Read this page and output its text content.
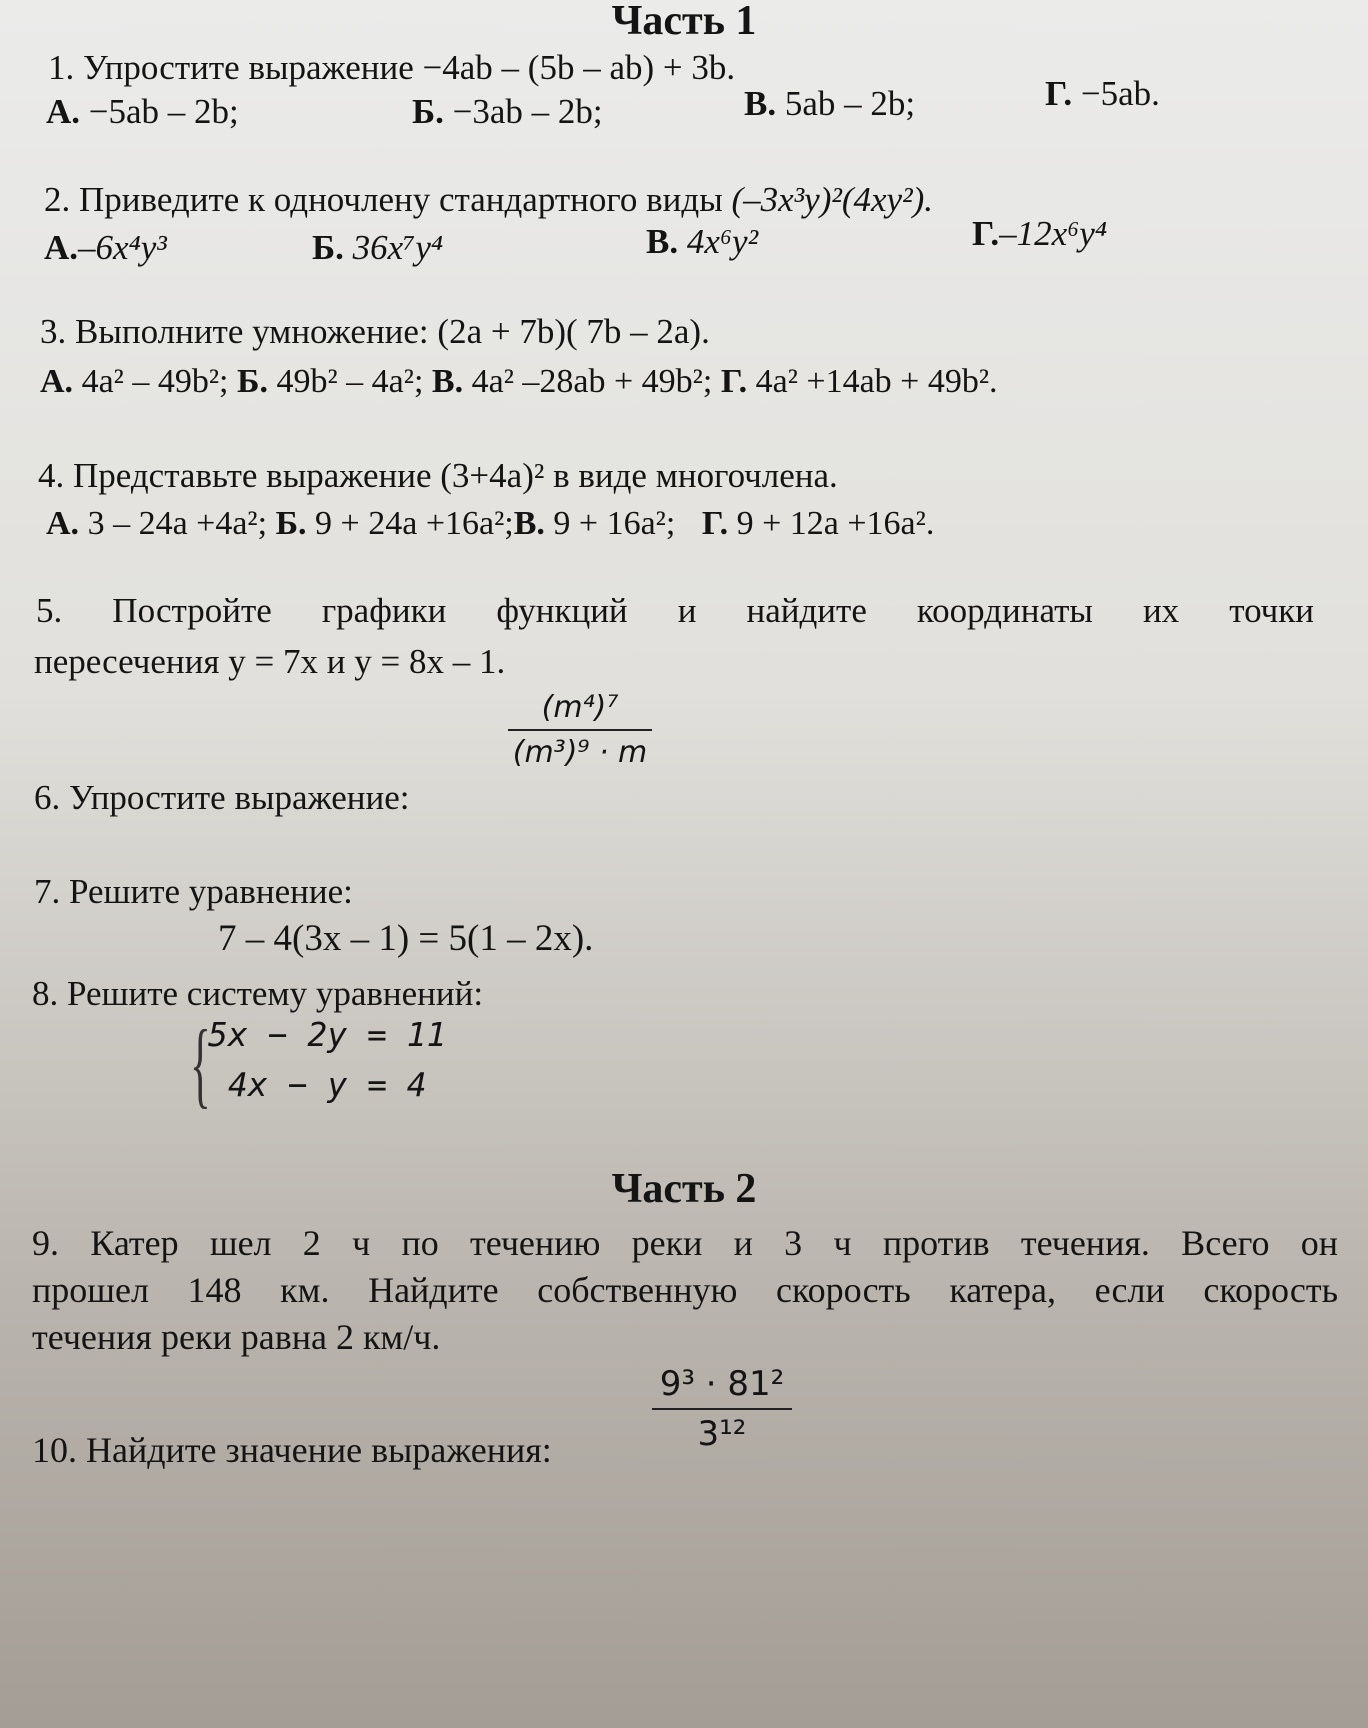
Часть 1
1. Упростите выражение −4ab – (5b – ab) + 3b.
А. −5ab – 2b;	Б. −3ab – 2b;	В. 5ab – 2b;	Г. −5ab.
2. Приведите к одночлену стандартного виды (–3x³y)²(4xy²).
А.–6x⁴y³	Б. 36x⁷y⁴	В. 4x⁶y²	Г.–12x⁶y⁴
3. Выполните умножение: (2a + 7b)( 7b – 2a).
А. 4a² – 49b²; Б. 49b² – 4a²; В. 4a² –28ab + 49b²; Г. 4a² +14ab + 49b².
4. Представьте выражение (3+4a)² в виде многочлена.
А. 3 – 24a +4a²; Б. 9 + 24a +16a²;В. 9 + 16a²; Г. 9 + 12a +16a².
5. Постройте графики функций и найдите координаты их точки
пересечения y = 7x и y = 8x – 1.
6. Упростите выражение:
(m⁴)⁷
(m³)⁹ · m
7. Решите уравнение:
7 – 4(3x – 1) = 5(1 – 2x).
8. Решите систему уравнений:
{
5x − 2y = 11
4x − y = 4
Часть 2
9. Катер шел 2 ч по течению реки и 3 ч против течения. Всего он
прошел 148 км. Найдите собственную скорость катера, если скорость
течения реки равна 2 км/ч.
10. Найдите значение выражения:
9³ · 81²
3¹²
